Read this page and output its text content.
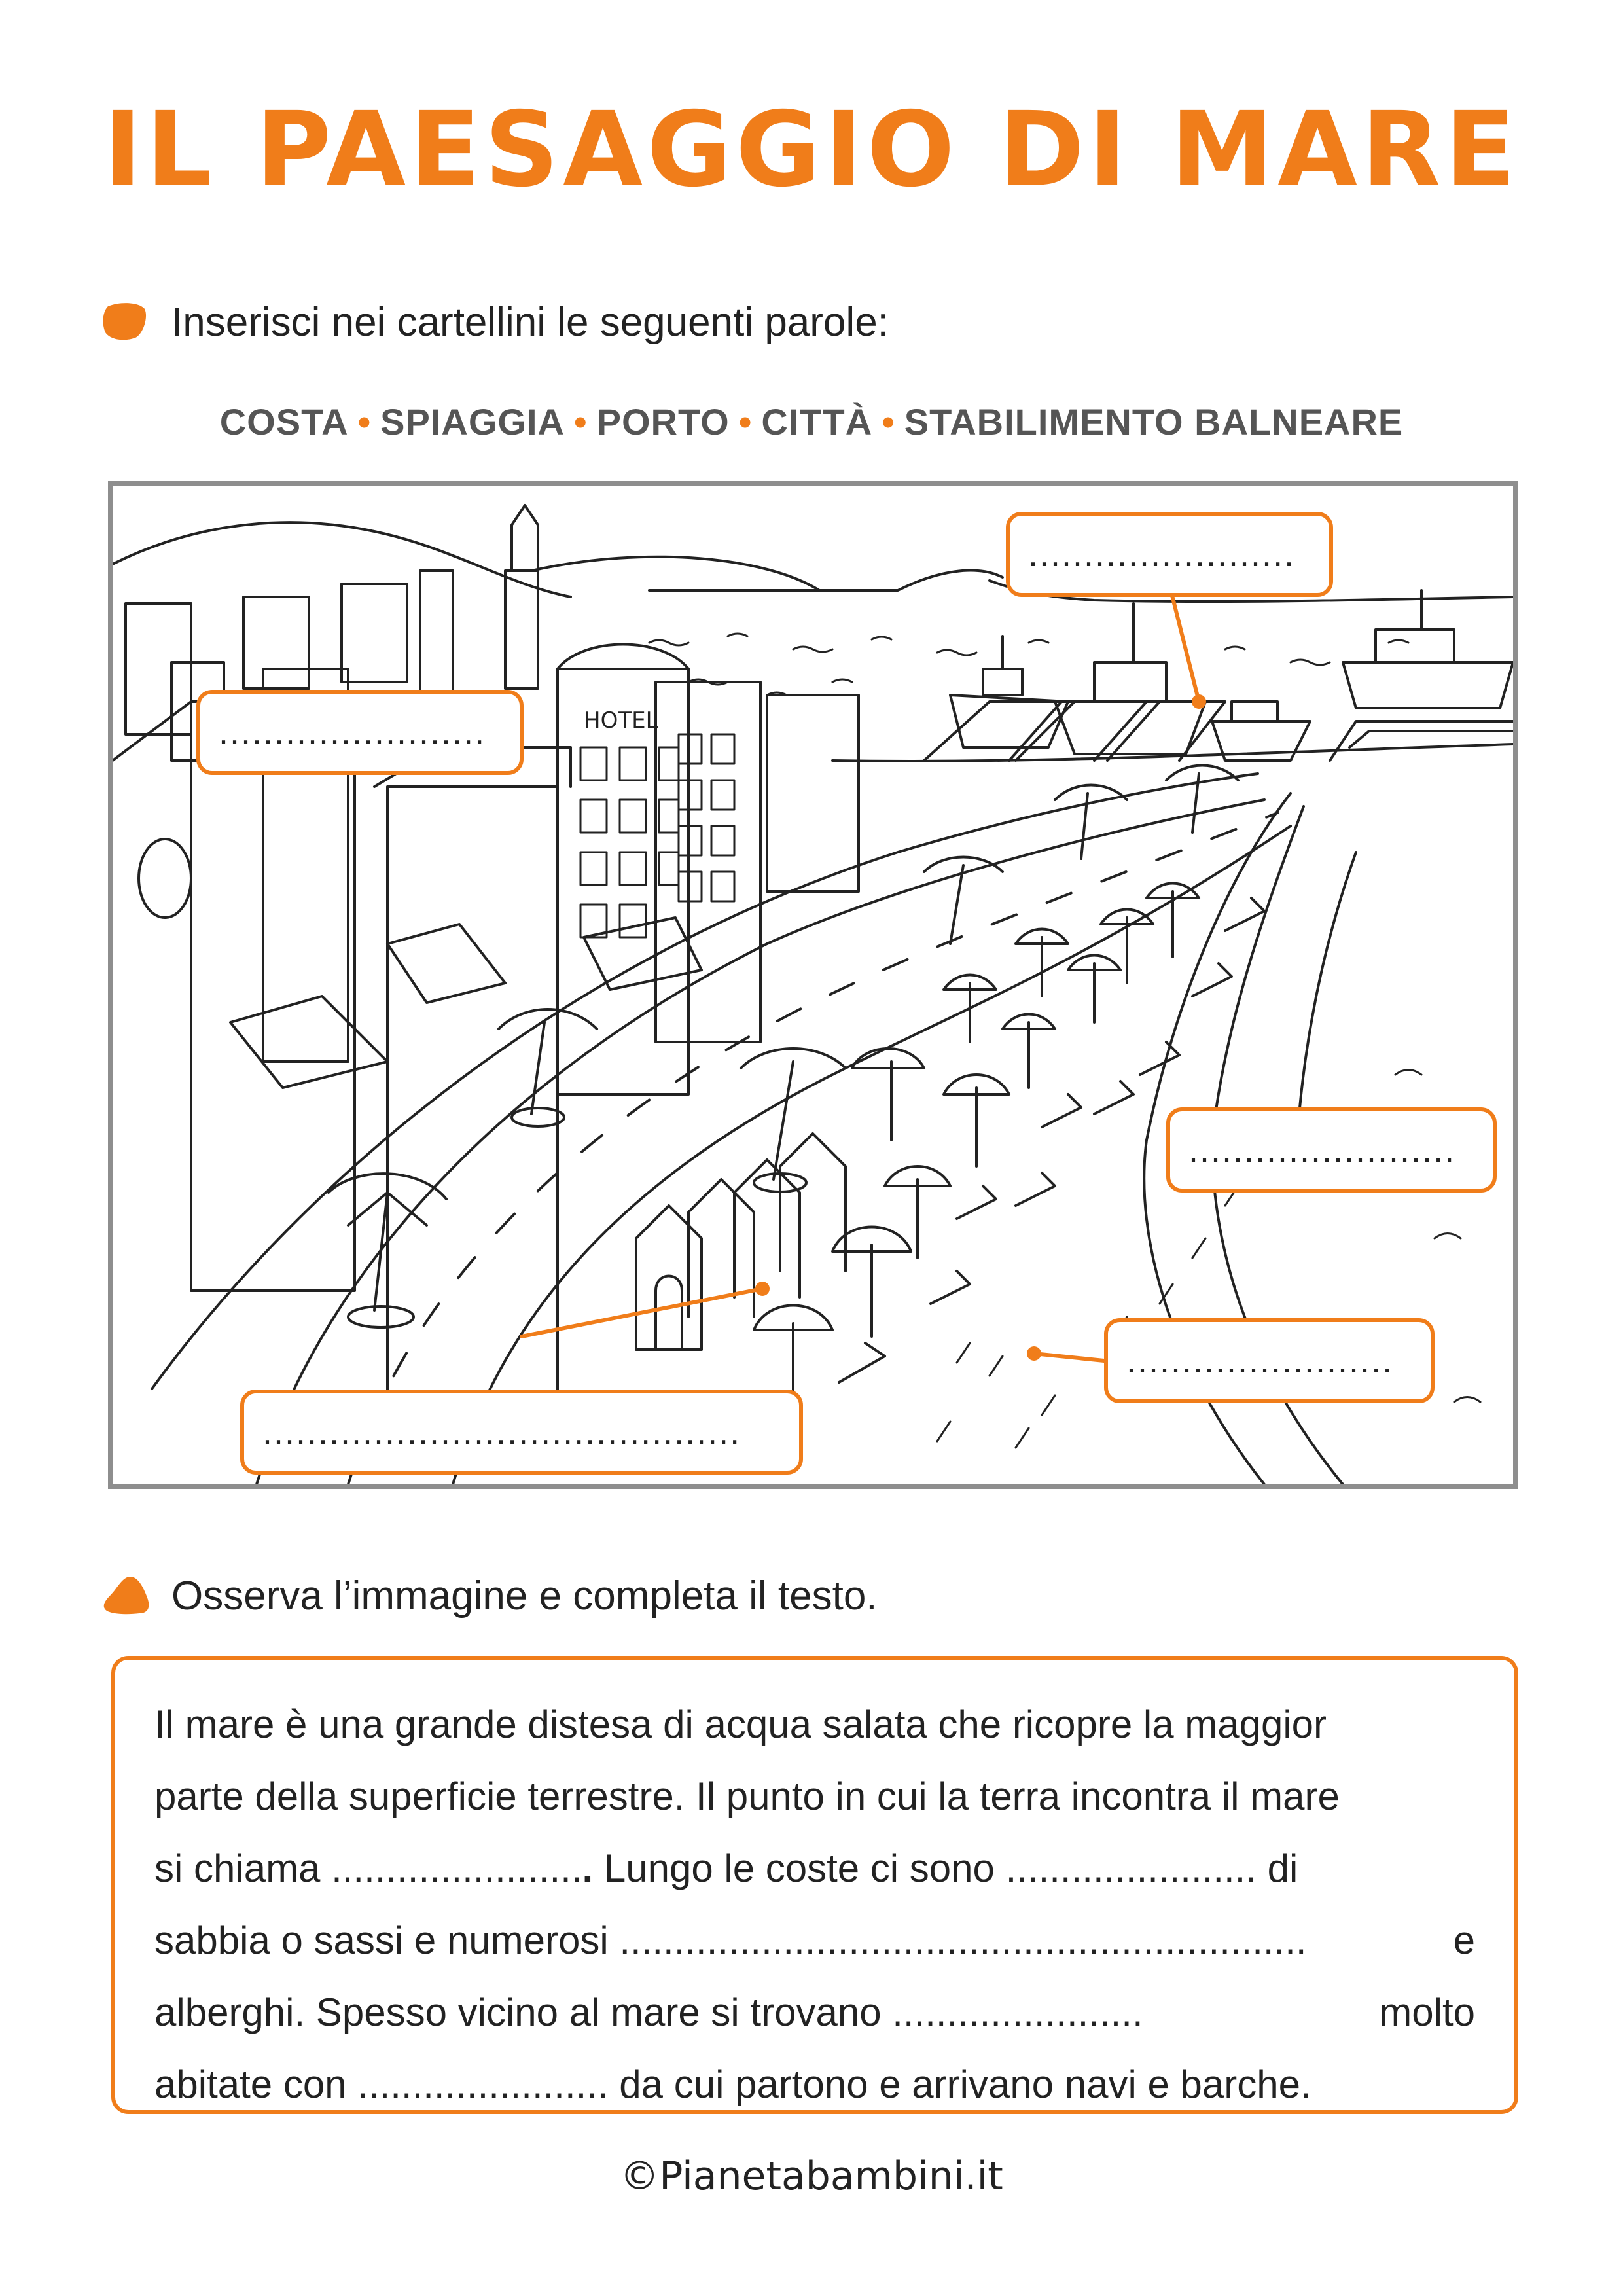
IL PAESAGGIO DI MARE
Inserisci nei cartellini le seguenti parole:
COSTA • SPIAGGIA • PORTO • CITTÀ • STABILIMENTO BALNEARE
HOTEL
........................
........................
........................
........................
...........................................
Osserva l’immagine e completa il testo.
Il mare è una grande distesa di acqua salata che ricopre la maggior
parte della superficie terrestre. Il punto in cui la terra incontra il mare
si chiama ....................... .
Lungo le coste ci sono ....................... di
sabbia o sassi e numerosi ...............................................................	e
alberghi. Spesso vicino al mare si trovano .......................	molto
abitate con ....................... da cui partono e arrivano navi e barche.
©Pianetabambini.it
